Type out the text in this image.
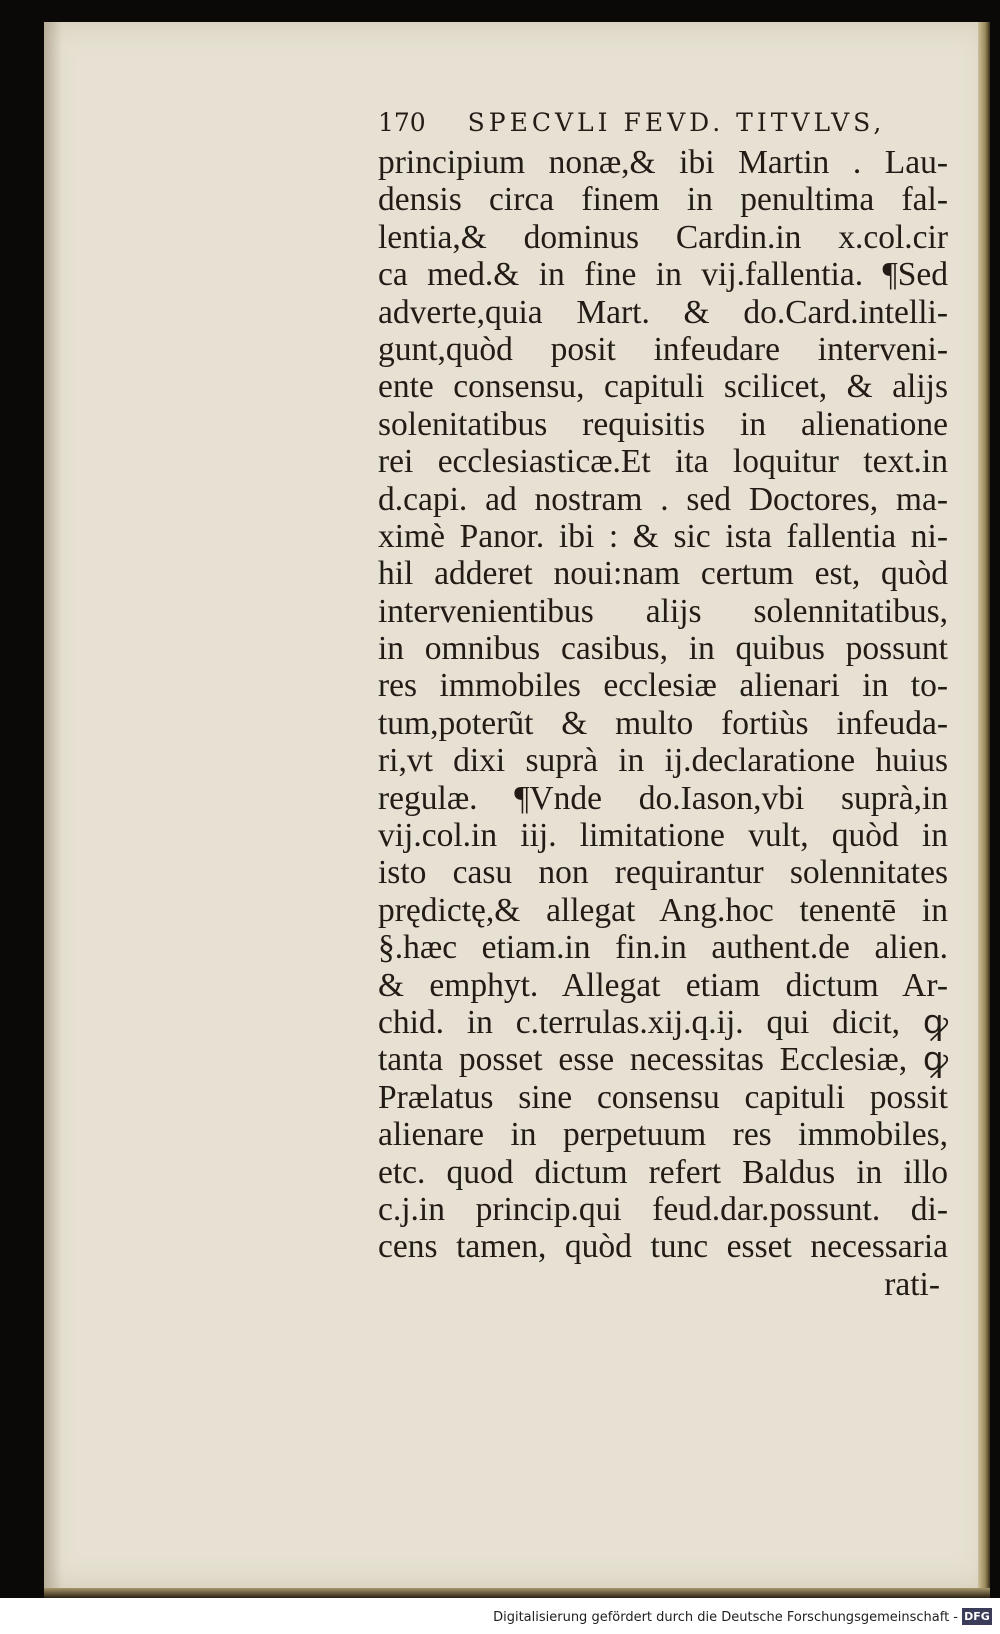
170 SPECVLI FEVD. TITVLVS,
principium nonæ,& ibi Martin . Lau-
densis circa finem in penultima fal-
lentia,& dominus Cardin.in x.col.cir
ca med.& in fine in vij.fallentia. ¶Sed
adverte,quia Mart. & do.Card.intelli-
gunt,quòd posit infeudare interveni-
ente consensu, capituli scilicet, & alijs
solenitatibus requisitis in alienatione
rei ecclesiasticæ.Et ita loquitur text.in
d.capi. ad nostram . sed Doctores, ma-
ximè Panor. ibi : & sic ista fallentia ni-
hil adderet noui:nam certum est, quòd
intervenientibus alijs solennitatibus,
in omnibus casibus, in quibus possunt
res immobiles ecclesiæ alienari in to-
tum,poterũt & multo fortiùs infeuda-
ri,vt dixi suprà in ij.declaratione huius
regulæ. ¶Vnde do.Iason,vbi suprà,in
vij.col.in iij. limitatione vult, quòd in
isto casu non requirantur solennitates
prędictę,& allegat Ang.hoc tenentē in
§.hæc etiam.in fin.in authent.de alien.
& emphyt. Allegat etiam dictum Ar-
chid. in c.terrulas.xij.q.ij. qui dicit, ꝙ
tanta posset esse necessitas Ecclesiæ, ꝙ
Prælatus sine consensu capituli possit
alienare in perpetuum res immobiles,
etc. quod dictum refert Baldus in illo
c.j.in princip.qui feud.dar.possunt. di-
cens tamen, quòd tunc esset necessaria
rati-
Digitalisierung gefördert durch die Deutsche Forschungsgemeinschaft - DFG
